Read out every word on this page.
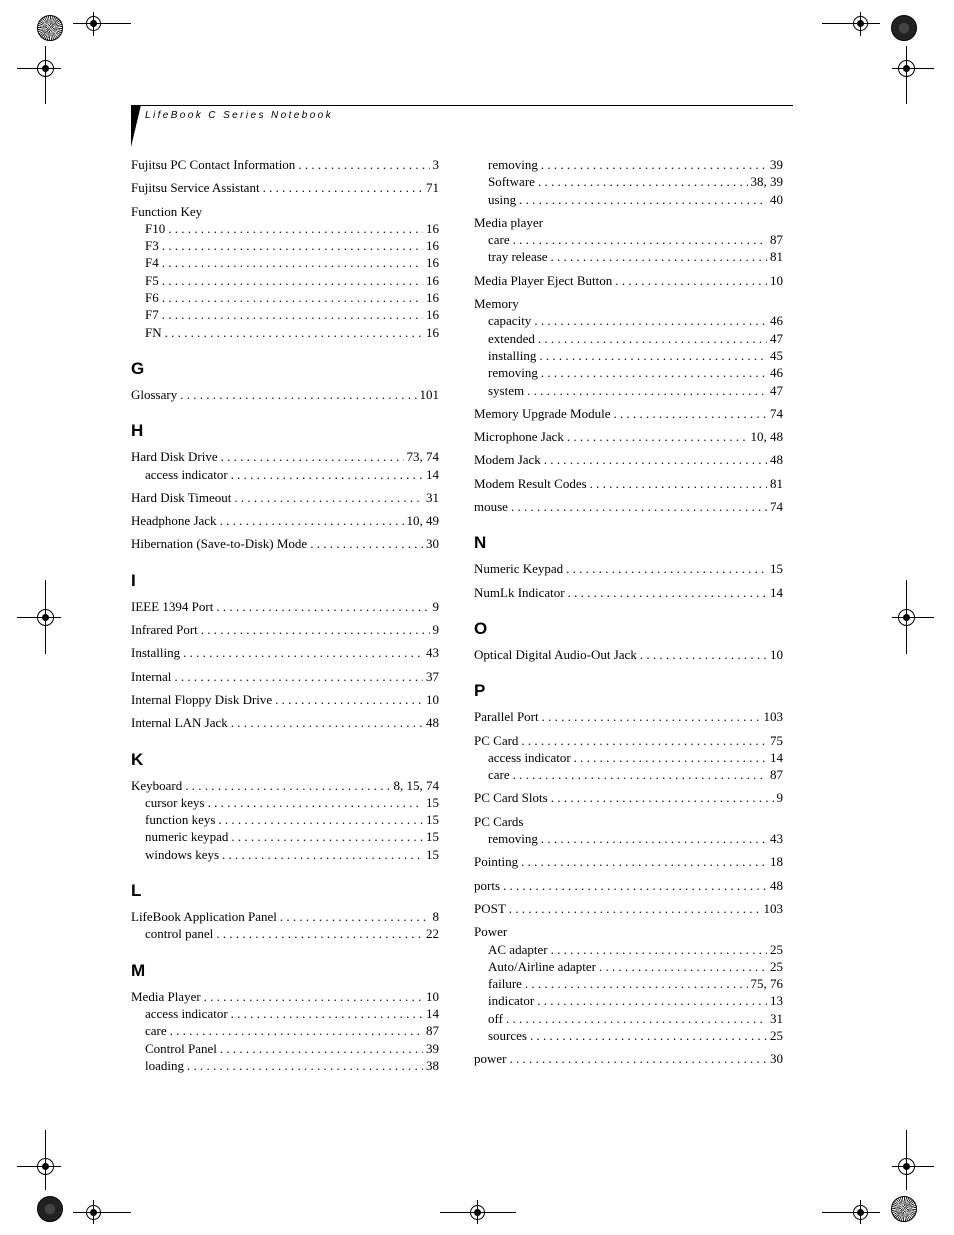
LifeBook C Series Notebook
Fujitsu PC Contact Information . . .	3
Fujitsu Service Assistant . . .	71
Function Key
F10 . . .	16
F3 . . .	16
F4 . . .	16
F5 . . .	16
F6 . . .	16
F7 . . .	16
FN . . .	16
G
Glossary . . .	101
H
Hard Disk Drive . . .	73, 74
access indicator . . .	14
Hard Disk Timeout . . .	31
Headphone Jack . . .	10, 49
Hibernation (Save-to-Disk) Mode . . .	30
I
IEEE 1394 Port . . .	9
Infrared Port . . .	9
Installing . . .	43
Internal . . .	37
Internal Floppy Disk Drive . . .	10
Internal LAN Jack . . .	48
K
Keyboard . . .	8, 15, 74
cursor keys . . .	15
function keys . . .	15
numeric keypad . . .	15
windows keys . . .	15
L
LifeBook Application Panel . . .	8
control panel . . .	22
M
Media Player . . .	10
access indicator . . .	14
care . . .	87
Control Panel . . .	39
loading . . .	38
removing . . .	39
Software . . .	38, 39
using . . .	40
Media player
care . . .	87
tray release . . .	81
Media Player Eject Button . . .	10
Memory
capacity . . .	46
extended . . .	47
installing . . .	45
removing . . .	46
system . . .	47
Memory Upgrade Module . . .	74
Microphone Jack . . .	10, 48
Modem Jack . . .	48
Modem Result Codes . . .	81
mouse . . .	74
N
Numeric Keypad . . .	15
NumLk Indicator . . .	14
O
Optical Digital Audio-Out Jack . . .	10
P
Parallel Port . . .	103
PC Card . . .	75
access indicator . . .	14
care . . .	87
PC Card Slots . . .	9
PC Cards
removing . . .	43
Pointing . . .	18
ports . . .	48
POST . . .	103
Power
AC adapter . . .	25
Auto/Airline adapter . . .	25
failure . . .	75, 76
indicator . . .	13
off . . .	31
sources . . .	25
power . . .	30
